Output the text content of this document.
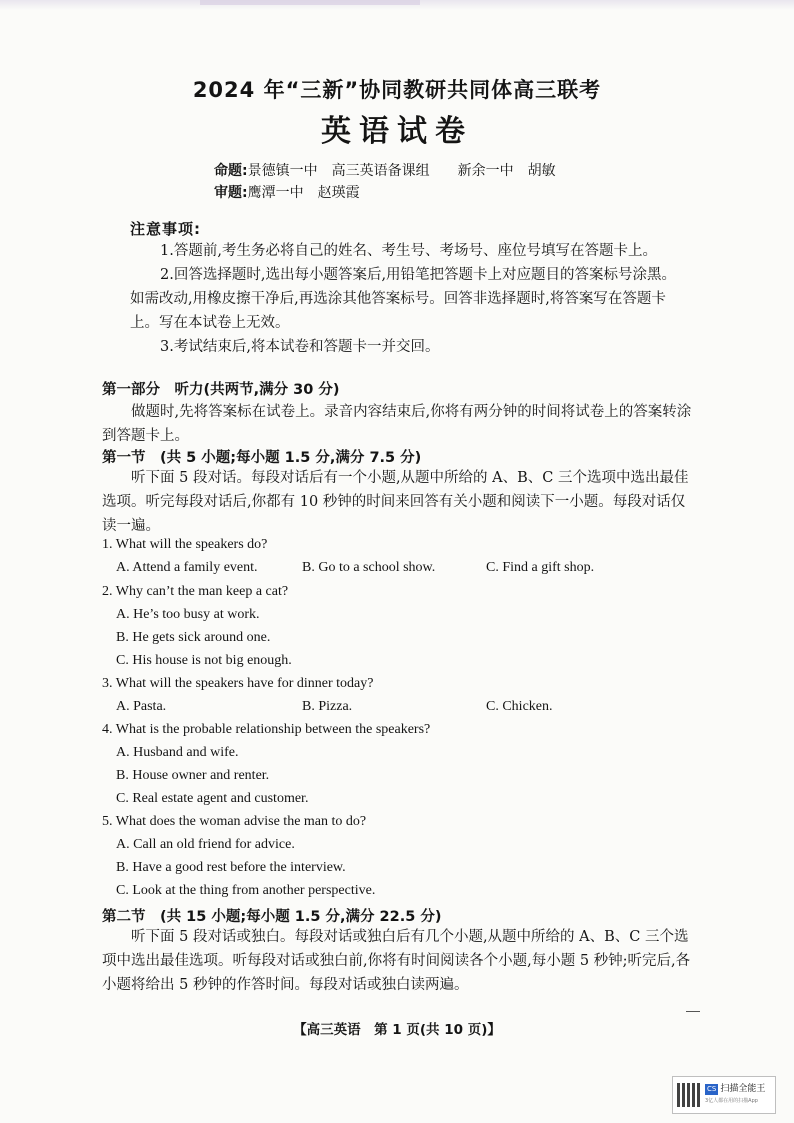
2024 年“三新”协同教研共同体高三联考
英语试卷
命题:景德镇一中　高三英语备课组　　新余一中　胡敏
审题:鹰潭一中　赵瑛霞
注意事项:
1.答题前,考生务必将自己的姓名、考生号、考场号、座位号填写在答题卡上。
2.回答选择题时,选出每小题答案后,用铅笔把答题卡上对应题目的答案标号涂黑。如需改动,用橡皮擦干净后,再选涂其他答案标号。回答非选择题时,将答案写在答题卡上。写在本试卷上无效。
3.考试结束后,将本试卷和答题卡一并交回。
第一部分　听力(共两节,满分 30 分)
做题时,先将答案标在试卷上。录音内容结束后,你将有两分钟的时间将试卷上的答案转涂到答题卡上。
第一节　(共 5 小题;每小题 1.5 分,满分 7.5 分)
听下面 5 段对话。每段对话后有一个小题,从题中所给的 A、B、C 三个选项中选出最佳选项。听完每段对话后,你都有 10 秒钟的时间来回答有关小题和阅读下一小题。每段对话仅读一遍。
1. What will the speakers do?
A. Attend a family event.	B. Go to a school show.	C. Find a gift shop.
2. Why can’t the man keep a cat?
A. He’s too busy at work.
B. He gets sick around one.
C. His house is not big enough.
3. What will the speakers have for dinner today?
A. Pasta.	B. Pizza.	C. Chicken.
4. What is the probable relationship between the speakers?
A. Husband and wife.
B. House owner and renter.
C. Real estate agent and customer.
5. What does the woman advise the man to do?
A. Call an old friend for advice.
B. Have a good rest before the interview.
C. Look at the thing from another perspective.
第二节　(共 15 小题;每小题 1.5 分,满分 22.5 分)
听下面 5 段对话或独白。每段对话或独白后有几个小题,从题中所给的 A、B、C 三个选项中选出最佳选项。听每段对话或独白前,你将有时间阅读各个小题,每小题 5 秒钟;听完后,各小题将给出 5 秒钟的作答时间。每段对话或独白读两遍。
【高三英语　第 1 页(共 10 页)】
CS 扫描全能王
3亿人都在用的扫描App
